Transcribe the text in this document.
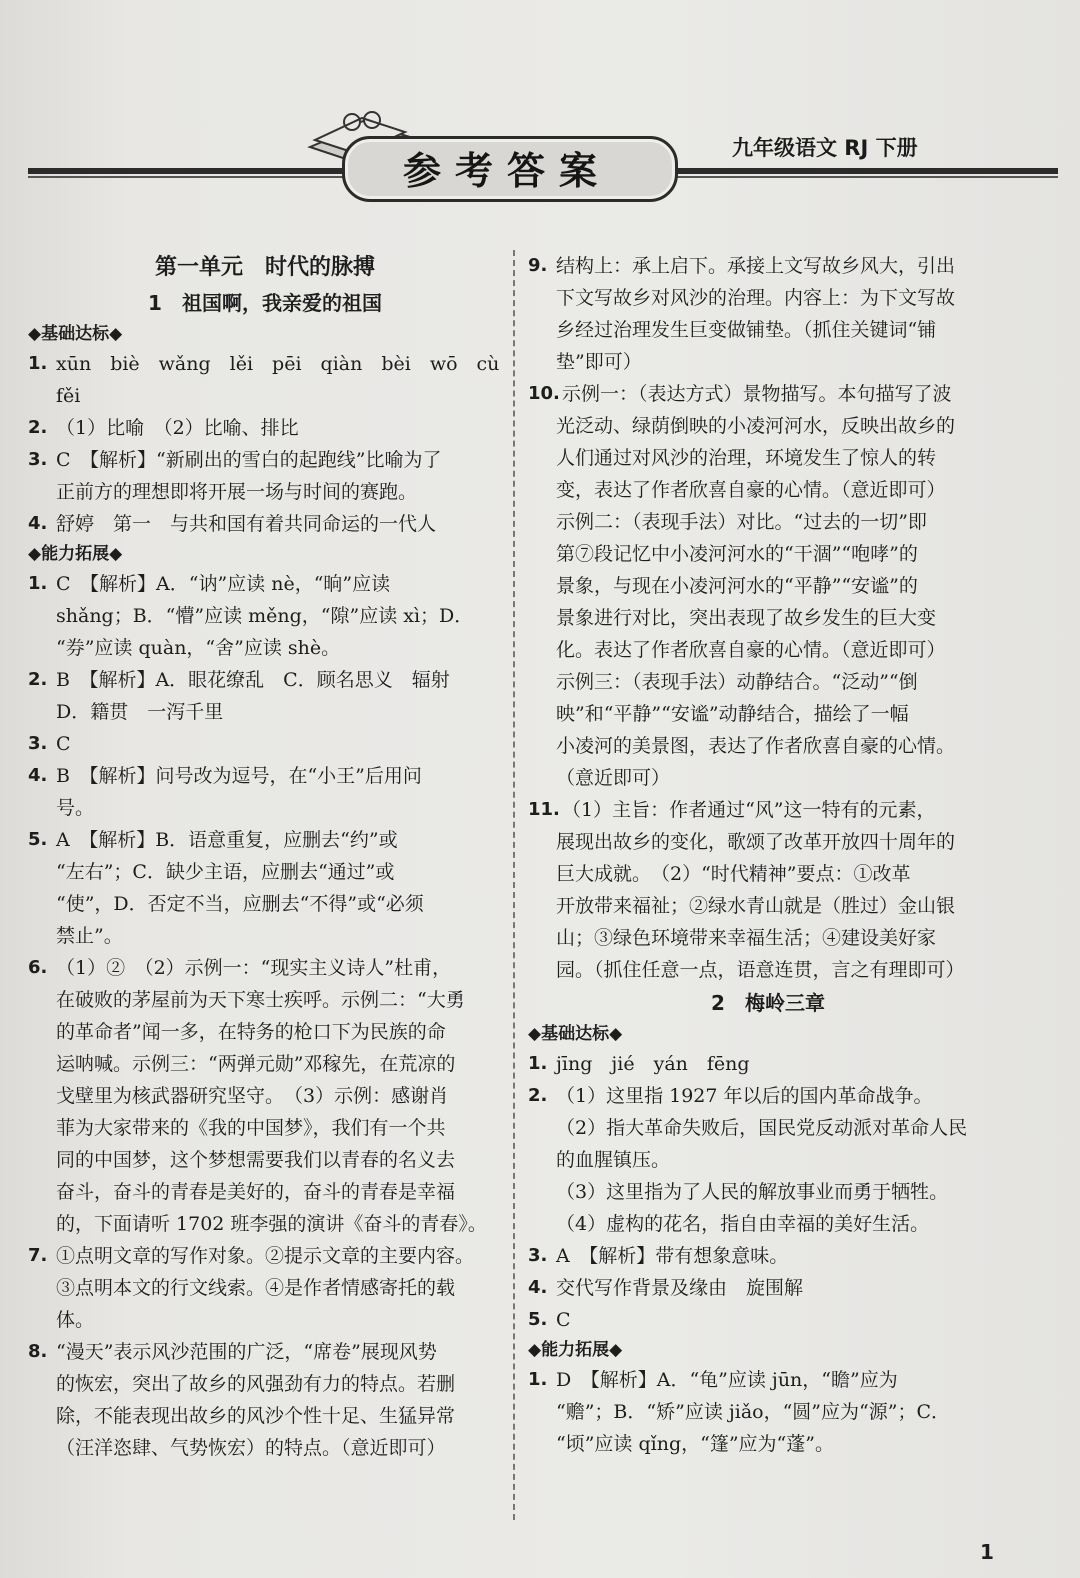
参考答案
九年级语文 RJ 下册
第一单元　时代的脉搏
1　祖国啊，我亲爱的祖国
◆基础达标◆
1. xūn　biè　wǎng　lěi　pēi　qiàn　bèi　wō　cù
fěi
2. （1）比喻　（2）比喻、排比
3. C　【解析】“新刷出的雪白的起跑线”比喻为了
正前方的理想即将开展一场与时间的赛跑。
4. 舒婷　第一　与共和国有着共同命运的一代人
◆能力拓展◆
1. C　【解析】A．“讷”应读 nè，“晌”应读
shǎng；B．“懵”应读 měng，“隙”应读 xì；D．
“券”应读 quàn，“舍”应读 shè。
2. B　【解析】A．眼花缭乱　C．顾名思义　辐射
D．籍贯　一泻千里
3. C
4. B　【解析】问号改为逗号，在“小王”后用问
号。
5. A　【解析】B．语意重复，应删去“约”或
“左右”；C．缺少主语，应删去“通过”或
“使”，D．否定不当，应删去“不得”或“必须
禁止”。
6. （1）②　（2）示例一：“现实主义诗人”杜甫，
在破败的茅屋前为天下寒士疾呼。示例二：“大勇
的革命者”闻一多，在特务的枪口下为民族的命
运呐喊。示例三：“两弹元勋”邓稼先，在荒凉的
戈壁里为核武器研究坚守。　（3）示例：感谢肖
菲为大家带来的《我的中国梦》，我们有一个共
同的中国梦，这个梦想需要我们以青春的名义去
奋斗，奋斗的青春是美好的，奋斗的青春是幸福
的，下面请听 1702 班李强的演讲《奋斗的青春》。
7. ①点明文章的写作对象。②提示文章的主要内容。
③点明本文的行文线索。④是作者情感寄托的载
体。
8. “漫天”表示风沙范围的广泛，“席卷”展现风势
的恢宏，突出了故乡的风强劲有力的特点。若删
除，不能表现出故乡的风沙个性十足、生猛异常
（汪洋恣肆、气势恢宏）的特点。（意近即可）
9. 结构上：承上启下。承接上文写故乡风大，引出
下文写故乡对风沙的治理。内容上：为下文写故
乡经过治理发生巨变做铺垫。（抓住关键词“铺
垫”即可）
10. 示例一：（表达方式）景物描写。本句描写了波
光泛动、绿荫倒映的小凌河河水，反映出故乡的
人们通过对风沙的治理，环境发生了惊人的转
变，表达了作者欣喜自豪的心情。（意近即可）
示例二：（表现手法）对比。“过去的一切”即
第⑦段记忆中小凌河河水的“干涸”“咆哮”的
景象，与现在小凌河河水的“平静”“安谧”的
景象进行对比，突出表现了故乡发生的巨大变
化。表达了作者欣喜自豪的心情。（意近即可）
示例三：（表现手法）动静结合。“泛动”“倒
映”和“平静”“安谧”动静结合，描绘了一幅
小凌河的美景图，表达了作者欣喜自豪的心情。
（意近即可）
11. （1）主旨：作者通过“风”这一特有的元素，
展现出故乡的变化，歌颂了改革开放四十周年的
巨大成就。　（2）“时代精神”要点：①改革
开放带来福祉；②绿水青山就是（胜过）金山银
山；③绿色环境带来幸福生活；④建设美好家
园。（抓住任意一点，语意连贯，言之有理即可）
2　梅岭三章
◆基础达标◆
1. jīng　jié　yán　fēng
2. （1）这里指 1927 年以后的国内革命战争。
（2）指大革命失败后，国民党反动派对革命人民
的血腥镇压。
（3）这里指为了人民的解放事业而勇于牺牲。
（4）虚构的花名，指自由幸福的美好生活。
3. A　【解析】带有想象意味。
4. 交代写作背景及缘由　旋围解
5. C
◆能力拓展◆
1. D　【解析】A．“龟”应读 jūn，“瞻”应为
“赡”；B．“矫”应读 jiǎo，“圆”应为“源”；C．
“顷”应读 qǐng，“篷”应为“蓬”。
1
